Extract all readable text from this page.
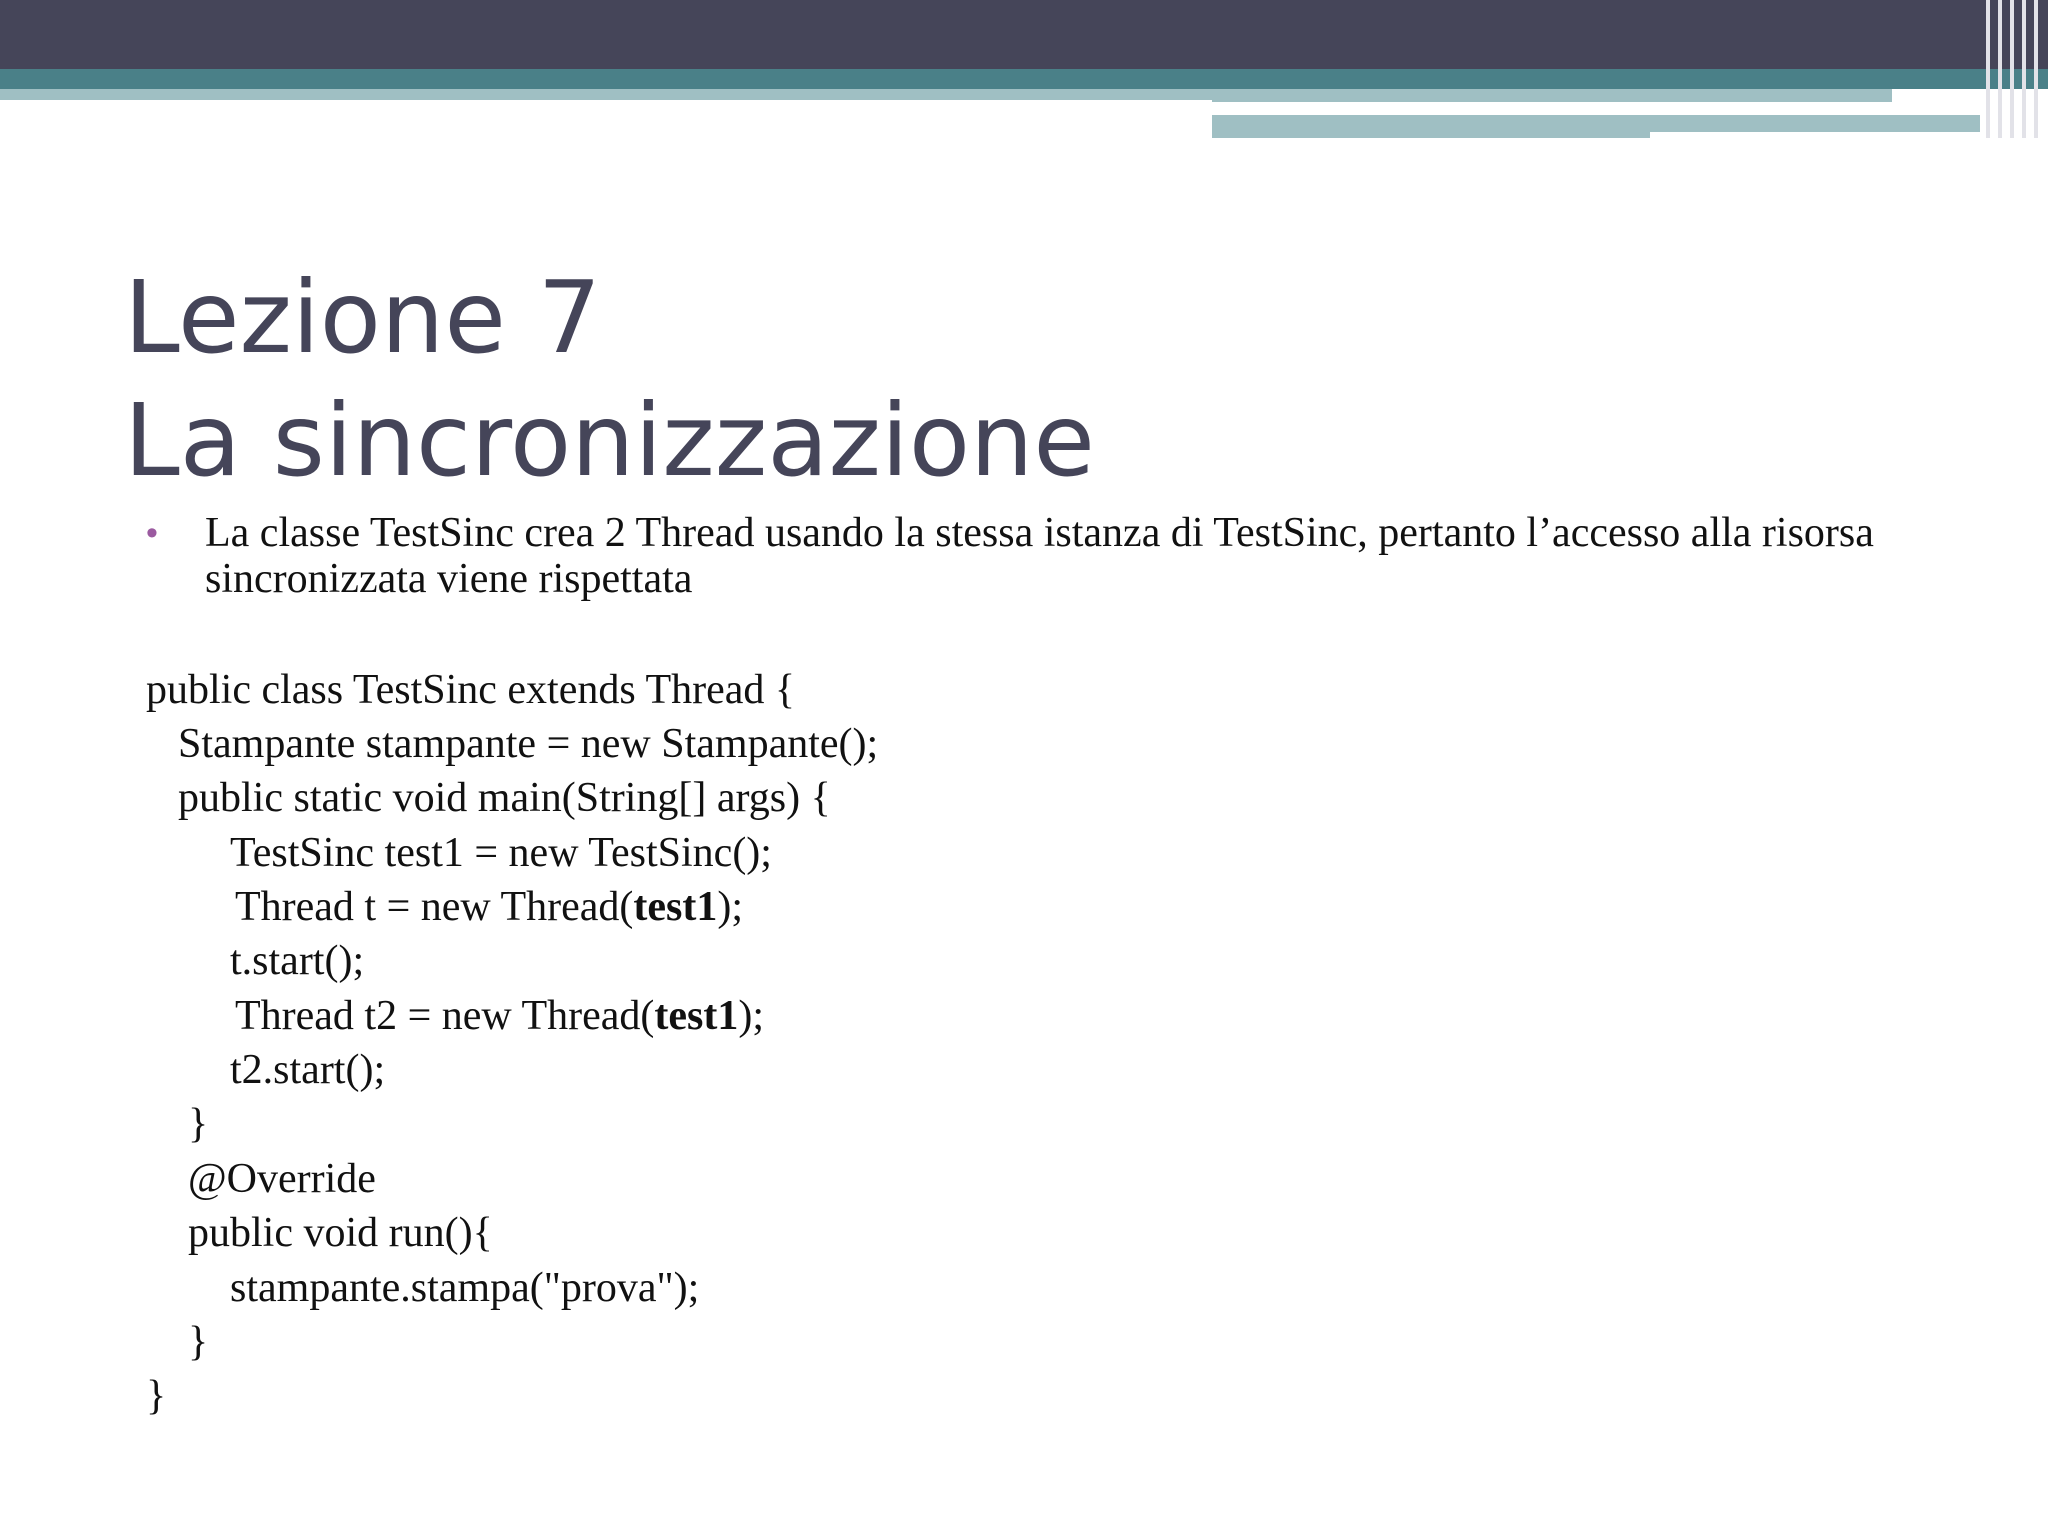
Lezione 7
La sincronizzazione
• La classe TestSinc crea 2 Thread usando la stessa istanza di TestSinc, pertanto l’accesso alla risorsa sincronizzata viene rispettata
public class TestSinc extends Thread {
Stampante stampante = new Stampante();
public static void main(String[] args) {
TestSinc test1 = new TestSinc();
Thread t = new Thread(test1);
t.start();
Thread t2 = new Thread(test1);
t2.start();
}
@Override
public void run(){
stampante.stampa("prova");
}
}
